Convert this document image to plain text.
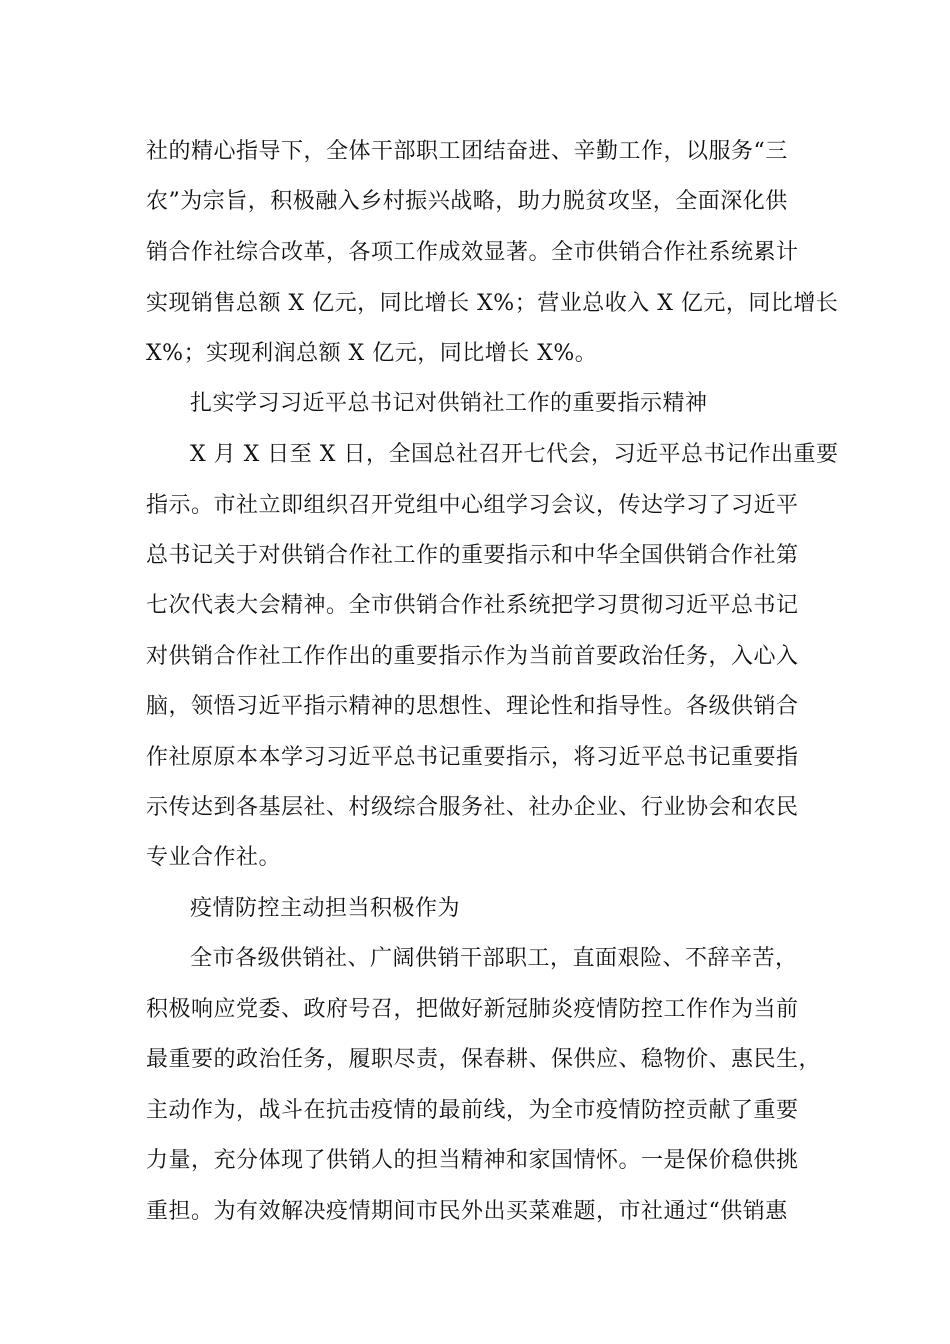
社的精心指导下，全体干部职工团结奋进、辛勤工作，以服务“三
农”为宗旨，积极融入乡村振兴战略，助力脱贫攻坚，全面深化供
销合作社综合改革，各项工作成效显著。全市供销合作社系统累计
实现销售总额 X 亿元，同比增长 X%；营业总收入 X 亿元，同比增长
X%；实现利润总额 X 亿元，同比增长 X%。
扎实学习习近平总书记对供销社工作的重要指示精神
X 月 X 日至 X 日，全国总社召开七代会，习近平总书记作出重要
指示。市社立即组织召开党组中心组学习会议，传达学习了习近平
总书记关于对供销合作社工作的重要指示和中华全国供销合作社第
七次代表大会精神。全市供销合作社系统把学习贯彻习近平总书记
对供销合作社工作作出的重要指示作为当前首要政治任务，入心入
脑，领悟习近平指示精神的思想性、理论性和指导性。各级供销合
作社原原本本学习习近平总书记重要指示，将习近平总书记重要指
示传达到各基层社、村级综合服务社、社办企业、行业协会和农民
专业合作社。
疫情防控主动担当积极作为
全市各级供销社、广阔供销干部职工，直面艰险、不辞辛苦，
积极响应党委、政府号召，把做好新冠肺炎疫情防控工作作为当前
最重要的政治任务，履职尽责，保春耕、保供应、稳物价、惠民生，
主动作为，战斗在抗击疫情的最前线，为全市疫情防控贡献了重要
力量，充分体现了供销人的担当精神和家国情怀。一是保价稳供挑
重担。为有效解决疫情期间市民外出买菜难题，市社通过“供销惠
